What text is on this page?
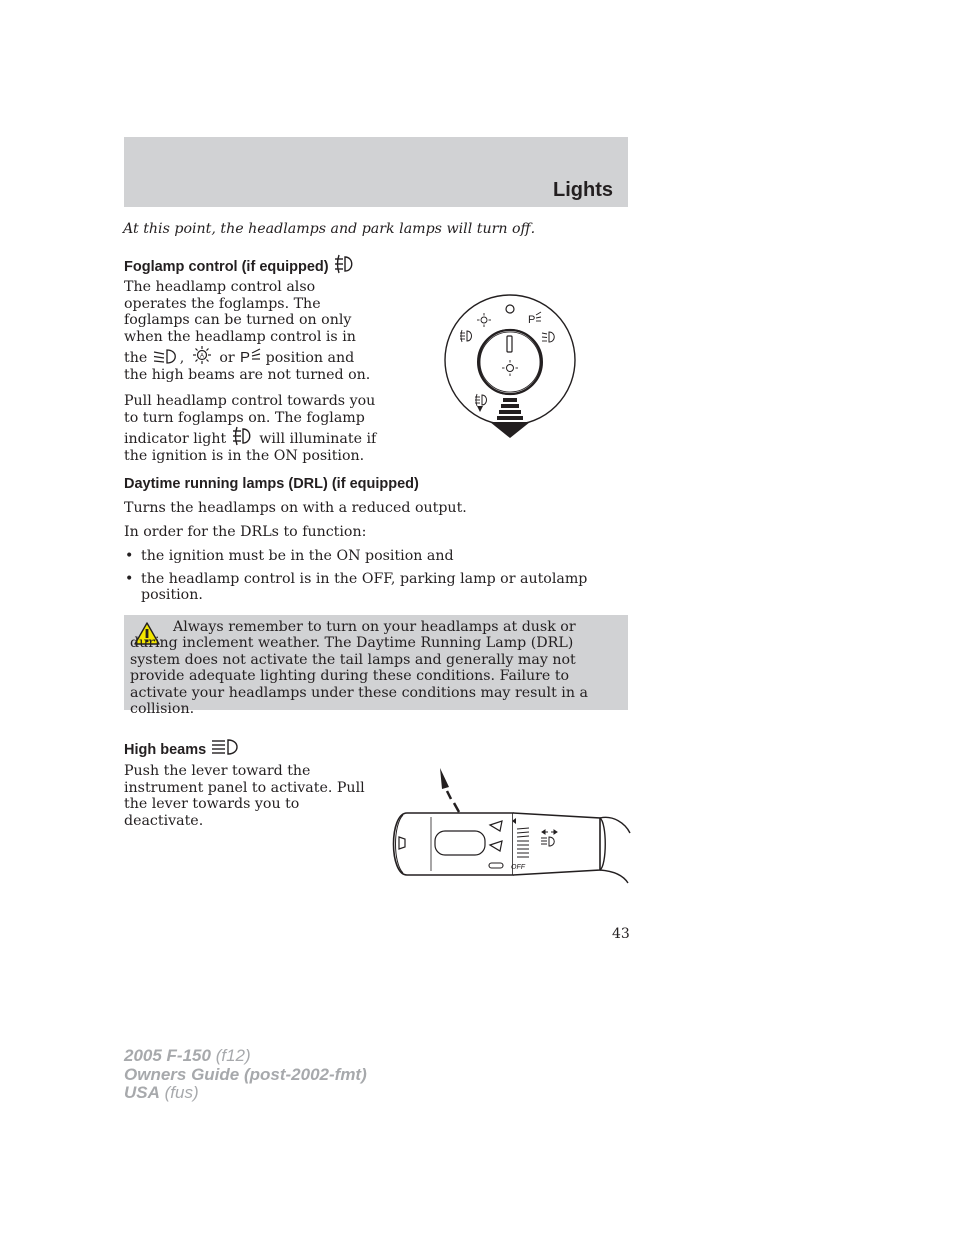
Lights
At this point, the headlamps and park lamps will turn off.
Foglamp control (if equipped)
The headlamp control also operates the foglamps. The foglamps can be turned on only when the headlamp control is in the ,	A or P position and the high beams are not turned on.
Pull headlamp control towards you to turn foglamps on. The foglamp indicator light will illuminate if the ignition is in the ON position.
P
Daytime running lamps (DRL) (if equipped)
Turns the headlamps on with a reduced output.
In order for the DRLs to function:
• the ignition must be in the ON position and
• the headlamp control is in the OFF, parking lamp or autolamp position.
Always remember to turn on your headlamps at dusk or during inclement weather. The Daytime Running Lamp (DRL) system does not activate the tail lamps and generally may not provide adequate lighting during these conditions. Failure to activate your headlamps under these conditions may result in a collision.
High beams
Push the lever toward the instrument panel to activate. Pull the lever towards you to deactivate.
OFF
43
2005 F-150 (f12)
Owners Guide (post-2002-fmt)
USA (fus)
